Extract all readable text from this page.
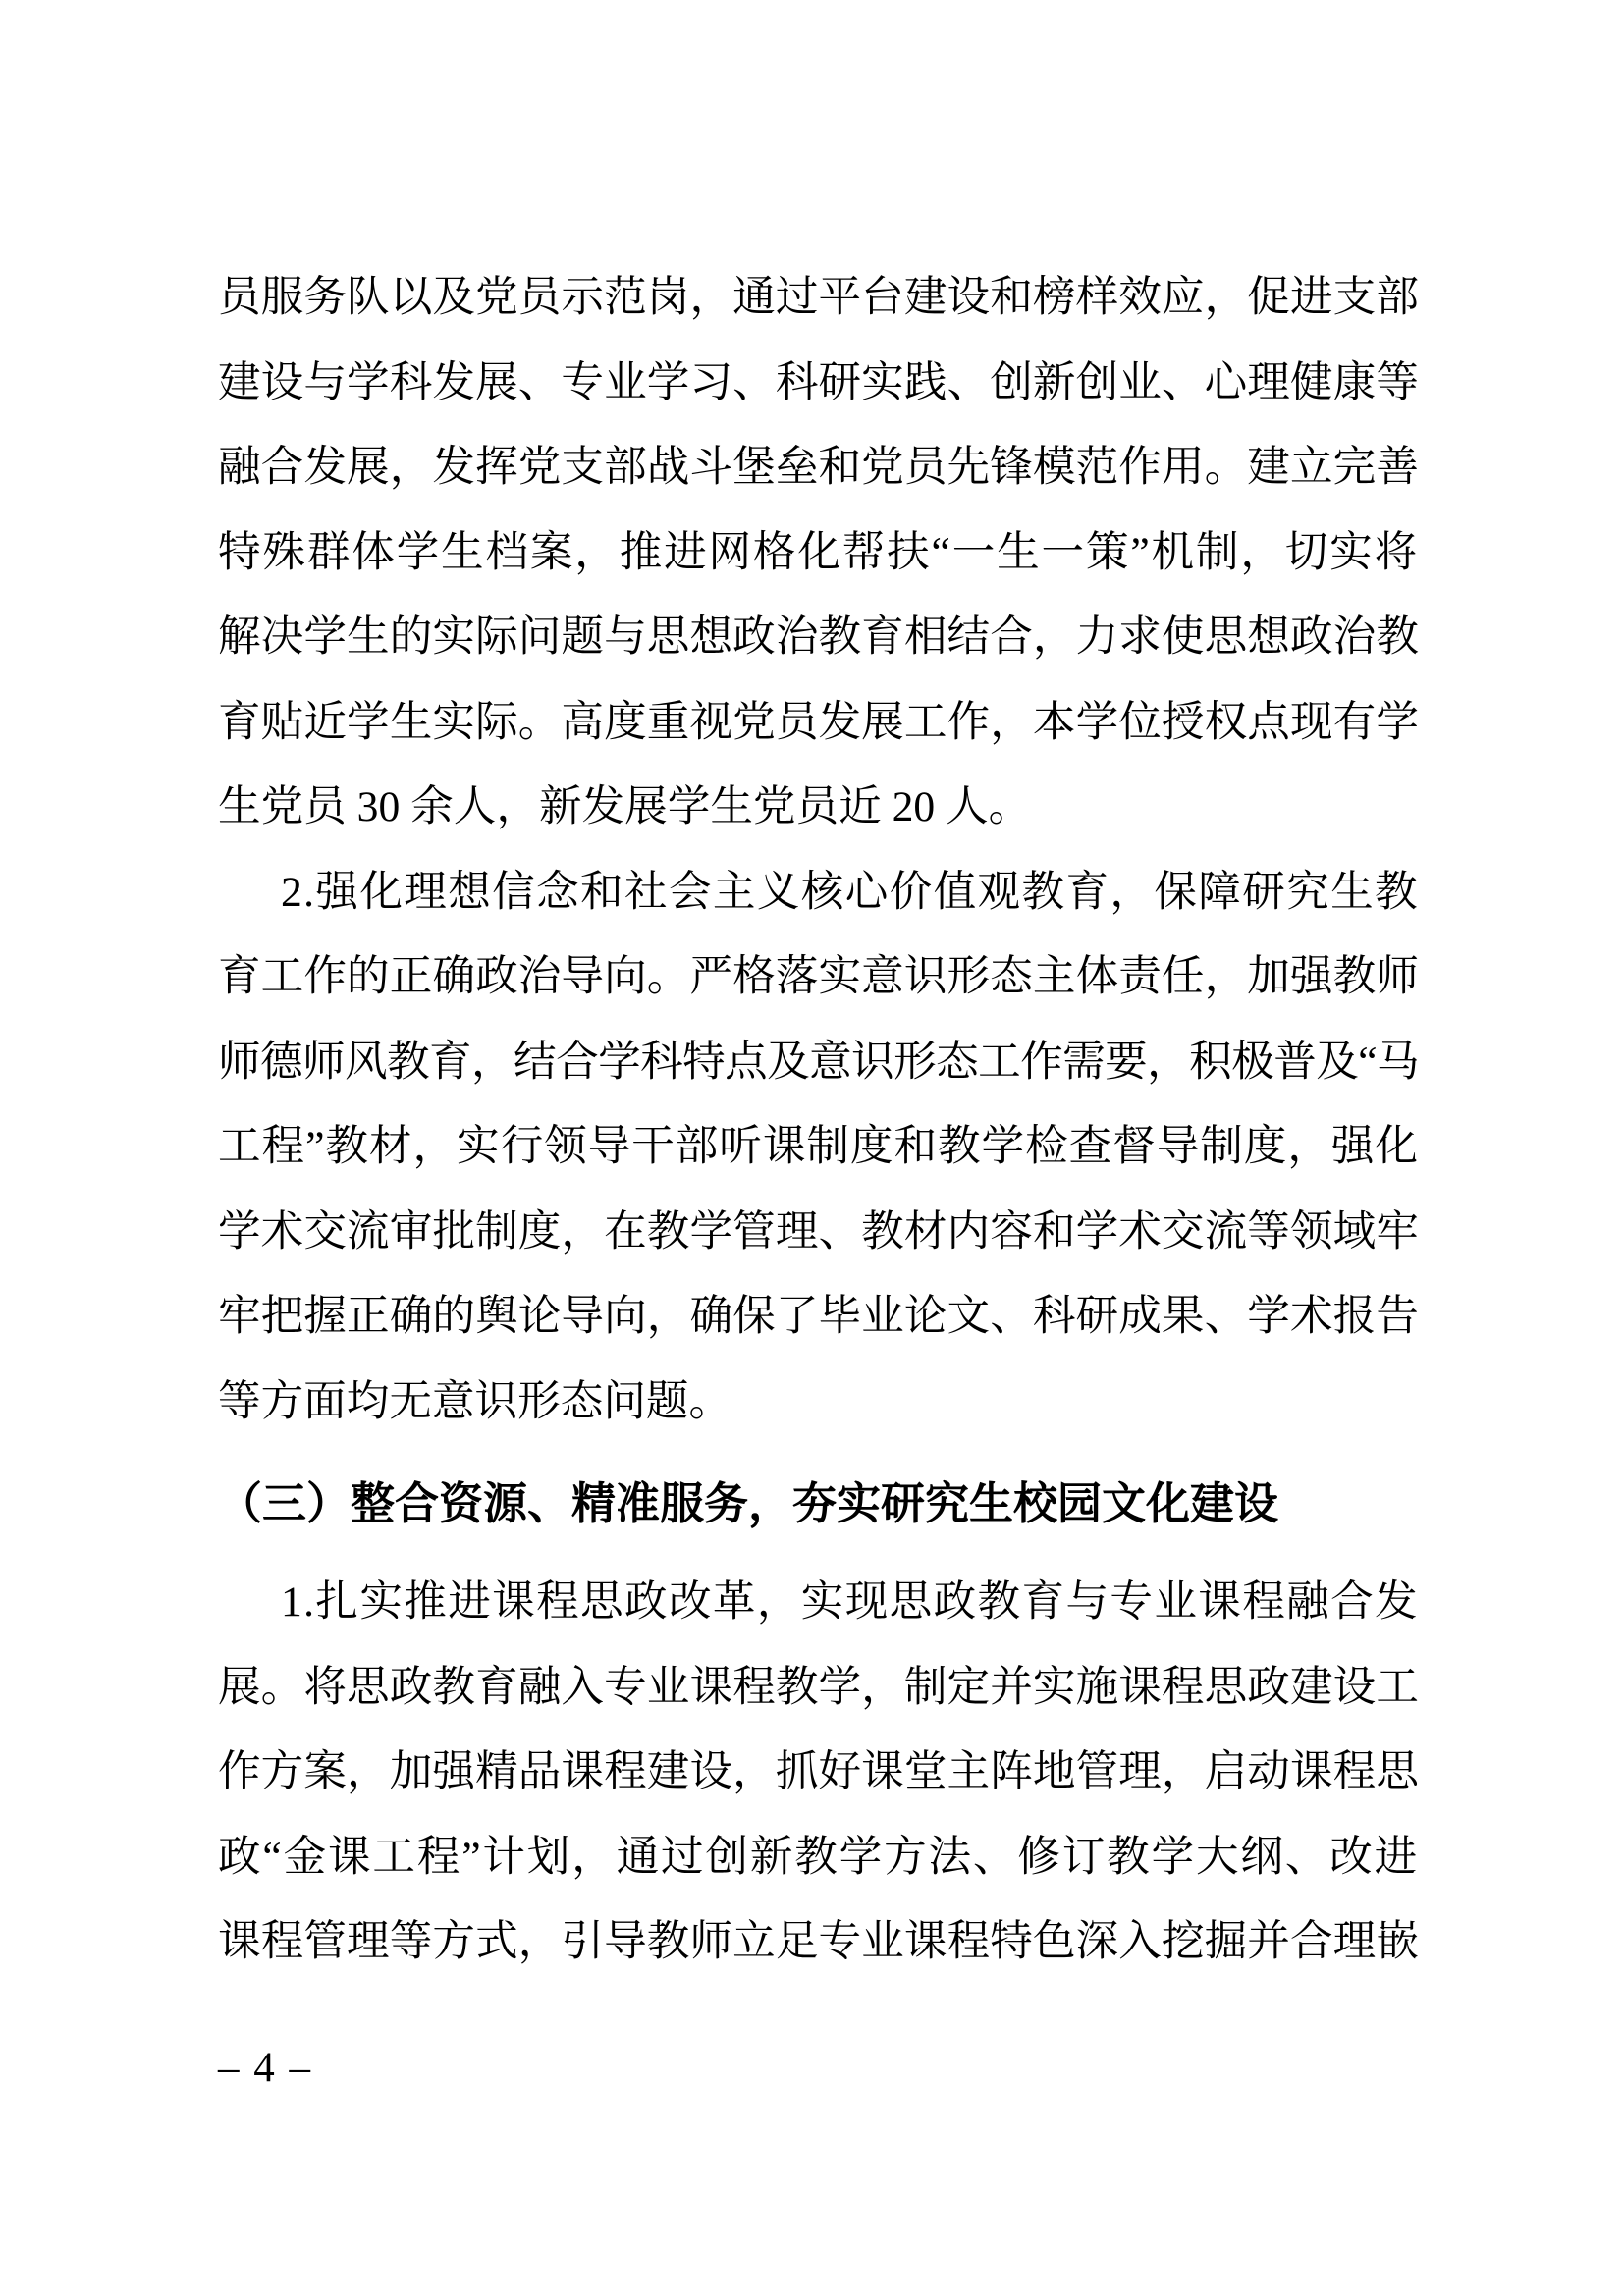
员服务队以及党员示范岗，通过平台建设和榜样效应，促进支部
建设与学科发展、专业学习、科研实践、创新创业、心理健康等
融合发展，发挥党支部战斗堡垒和党员先锋模范作用。建立完善
特殊群体学生档案，推进网格化帮扶“一生一策”机制，切实将
解决学生的实际问题与思想政治教育相结合，力求使思想政治教
育贴近学生实际。高度重视党员发展工作，本学位授权点现有学
生党员 30 余人，新发展学生党员近 20 人。
2.强化理想信念和社会主义核心价值观教育，保障研究生教
育工作的正确政治导向。严格落实意识形态主体责任，加强教师
师德师风教育，结合学科特点及意识形态工作需要，积极普及“马
工程”教材，实行领导干部听课制度和教学检查督导制度，强化
学术交流审批制度，在教学管理、教材内容和学术交流等领域牢
牢把握正确的舆论导向，确保了毕业论文、科研成果、学术报告
等方面均无意识形态问题。
（三）整合资源、精准服务，夯实研究生校园文化建设
1.扎实推进课程思政改革，实现思政教育与专业课程融合发
展。将思政教育融入专业课程教学，制定并实施课程思政建设工
作方案，加强精品课程建设，抓好课堂主阵地管理，启动课程思
政“金课工程”计划，通过创新教学方法、修订教学大纲、改进
课程管理等方式，引导教师立足专业课程特色深入挖掘并合理嵌
– 4 –
